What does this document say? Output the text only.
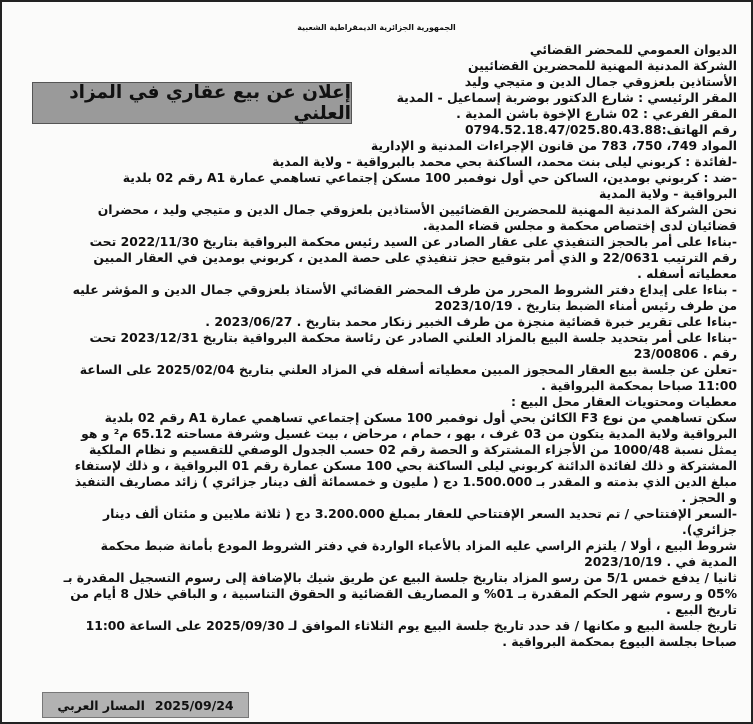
الجمهورية الجزائرية الديمقراطية الشعبية
الديوان العمومي للمحضر القضائي
الشركة المدنية المهنية للمحضرين القضائيين
الأستاذين بلعزوقي جمال الدين و متيجي وليد
المقر الرئيسي : شارع الدكتور بوضربة إسماعيل - المدية
المقر الفرعي : 02 شارع الإخوة باشن المدية .
رقم الهاتف:0794.52.18.47/025.80.43.88
إعلان عن بيع عقاري في المزاد العلني
المواد 749، 750، 783 من قانون الإجراءات المدنية و الإدارية
-لفائدة : كربوني ليلى بنت محمد، الساكنة بحي محمد بالبرواقية - ولاية المدية
-ضد : كربوني بومدين، الساكن حي أول نوفمبر 100 مسكن إجتماعي تساهمي عمارة A1 رقم 02 بلدية
البرواقية - ولاية المدية
نحن الشركة المدنية المهنية للمحضرين القضائيين الأستاذين بلعزوقي جمال الدين و متيجي وليد ، محضران
قضائيان لدى إختصاص محكمة و مجلس قضاء المدية.
-بناءا على أمر بالحجز التنفيذي على عقار الصادر عن السيد رئيس محكمة البرواقية بتاريخ 2022/11/30 تحت
رقم الترتيب 22/0631 و الذي أمر بتوقيع حجز تنفيذي على حصة المدين ، كربوني بومدين في العقار المبين
معطياته أسفله .
- بناءا على إيداع دفتر الشروط المحرر من طرف المحضر القضائي الأستاذ بلعزوقي جمال الدين و المؤشر عليه
من طرف رئيس أمناء الضبط بتاريخ . 2023/10/19
-بناءا على تقرير خبرة قضائية منجزة من طرف الخبير زنكار محمد بتاريخ . 2023/06/27 .
-بناءا على أمر بتحديد جلسة البيع بالمزاد العلني الصادر عن رئاسة محكمة البرواقية بتاريخ 2023/12/31 تحت
رقم . 23/00806
-تعلن عن جلسة بيع العقار المحجوز المبين معطياته أسفله في المزاد العلني بتاريخ 2025/02/04 على الساعة
11:00 صباحا بمحكمة البرواقية .
معطيات ومحتويات العقار محل البيع :
سكن تساهمي من نوع F3 الكائن بحي أول نوفمبر 100 مسكن إجتماعي تساهمي عمارة A1 رقم 02 بلدية
البرواقية ولاية المدية يتكون من 03 غرف ، بهو ، حمام ، مرحاض ، بيت غسيل وشرفة مساحته 65.12 م² و هو
يمثل نسبة 1000/48 من الأجزاء المشتركة و الحصة رقم 02 حسب الجدول الوصفي للتقسيم و نظام الملكية
المشتركة و ذلك لفائدة الدائنة كربوني ليلى الساكنة بحي 100 مسكن عمارة رقم 01 البرواقية ، و ذلك لإستفاء
مبلغ الدين الذي بذمته و المقدر بـ 1.500.000 دج ( مليون و خمسمائة ألف دينار جزائري ) زائد مصاريف التنفيذ
و الحجز .
-السعر الإفتتاحي / تم تحديد السعر الإفتتاحي للعقار بمبلغ 3.200.000 دج ( ثلاثة ملايين و مئتان ألف دينار
جزائري).
شروط البيع ، أولا / يلتزم الراسي عليه المزاد بالأعباء الواردة في دفتر الشروط المودع بأمانة ضبط محكمة
المدية في . 2023/10/19
ثانيا / يدفع خمس 5/1 من رسو المزاد بتاريخ جلسة البيع عن طريق شيك بالإضافة إلى رسوم التسجيل المقدرة بـ
05% و رسوم شهر الحكم المقدرة بـ 01% و المصاريف القضائية و الحقوق التناسبية ، و الباقي خلال 8 أيام من
تاريخ البيع .
تاريخ جلسة البيع و مكانها / قد حدد تاريخ جلسة البيع يوم الثلاثاء الموافق لـ 2025/09/30 على الساعة 11:00
صباحا بجلسة البيوع بمحكمة البرواقية .
2025/09/24
المسار العربي
